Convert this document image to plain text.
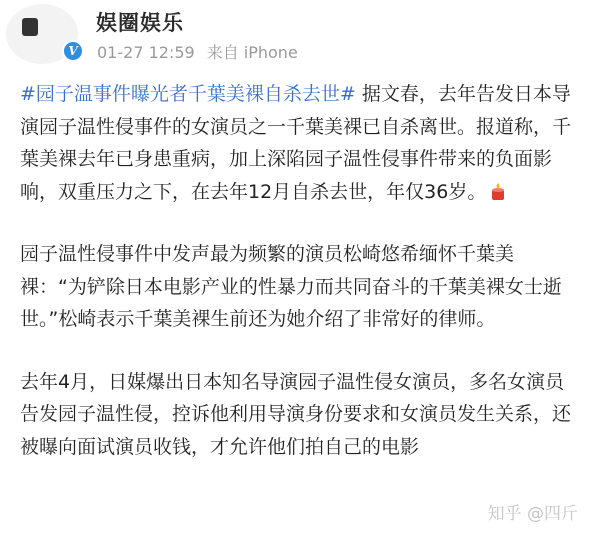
V
娱圈娱乐
01-27 12:59 来自 iPhone
#园子温事件曝光者千葉美裸自杀去世# 据文春，去年告发日本导演园子温性侵事件的女演员之一千葉美裸已自杀离世。报道称，千葉美裸去年已身患重病，加上深陷园子温性侵事件带来的负面影响，双重压力之下，在去年12月自杀去世，年仅36岁。
园子温性侵事件中发声最为频繁的演员松崎悠希缅怀千葉美裸：“为铲除日本电影产业的性暴力而共同奋斗的千葉美裸女士逝世。”松崎表示千葉美裸生前还为她介绍了非常好的律师。
去年4月，日媒爆出日本知名导演园子温性侵女演员，多名女演员告发园子温性侵，控诉他利用导演身份要求和女演员发生关系，还被曝向面试演员收钱，才允许他们拍自己的电影
知乎 @四斤
